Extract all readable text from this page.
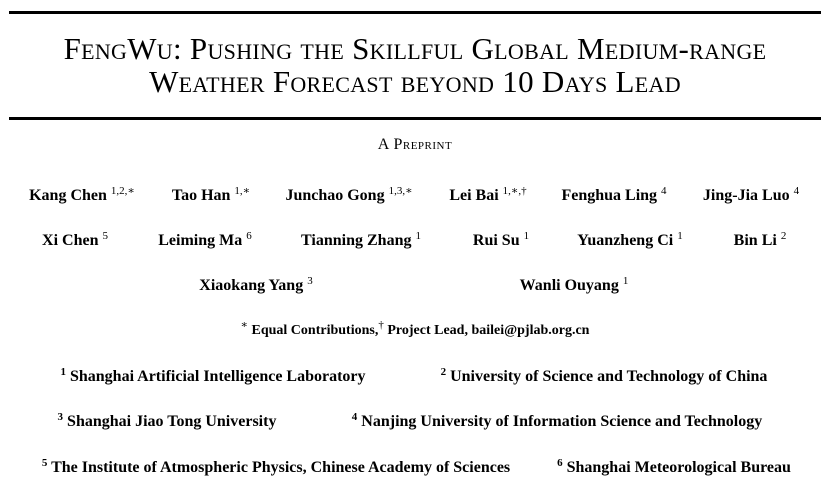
FengWu: Pushing the Skillful Global Medium-range
Weather Forecast beyond 10 Days Lead
A Preprint
Kang Chen $^{1,2,∗}$ Tao Han $^{1,∗}$ Junchao Gong $^{1,3,∗}$ Lei Bai $^{1,∗,\dagger}$ Fenghua Ling $^4$ Jing-Jia Luo $^4$
Xi Chen $^5$	Leiming Ma $^6$	Tianning Zhang $^1$	Rui Su $^1$	Yuanzheng Ci $^1$	Bin Li $^2$
Xiaokang Yang $^3$	Wanli Ouyang $^1$
∗ Equal Contributions,† Project Lead, bailei@pjlab.org.cn
$^1$ Shanghai Artificial Intelligence Laboratory	$^2$ University of Science and Technology of China
$^3$ Shanghai Jiao Tong University	$^4$ Nanjing University of Information Science and Technology
$^5$ The Institute of Atmospheric Physics, Chinese Academy of Sciences	$^6$ Shanghai Meteorological Bureau
